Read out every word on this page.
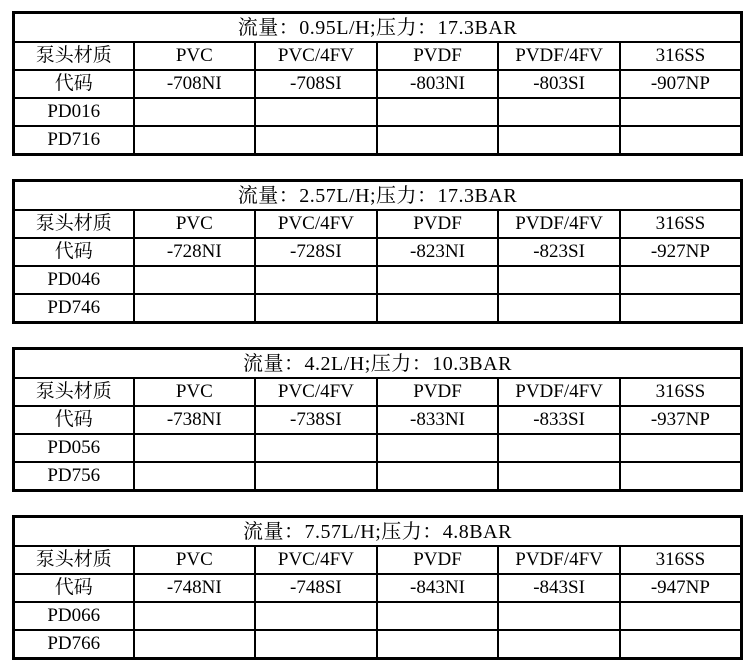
流量：0.95L/H;压力：17.3BAR					
泵头材质	PVC	PVC/4FV	PVDF	PVDF/4FV	316SS
代码	-708NI	-708SI	-803NI	-803SI	-907NP
PD016					
PD716					
流量：2.57L/H;压力：17.3BAR					
泵头材质	PVC	PVC/4FV	PVDF	PVDF/4FV	316SS
代码	-728NI	-728SI	-823NI	-823SI	-927NP
PD046					
PD746					
流量：4.2L/H;压力：10.3BAR					
泵头材质	PVC	PVC/4FV	PVDF	PVDF/4FV	316SS
代码	-738NI	-738SI	-833NI	-833SI	-937NP
PD056					
PD756					
流量：7.57L/H;压力：4.8BAR					
泵头材质	PVC	PVC/4FV	PVDF	PVDF/4FV	316SS
代码	-748NI	-748SI	-843NI	-843SI	-947NP
PD066					
PD766					
